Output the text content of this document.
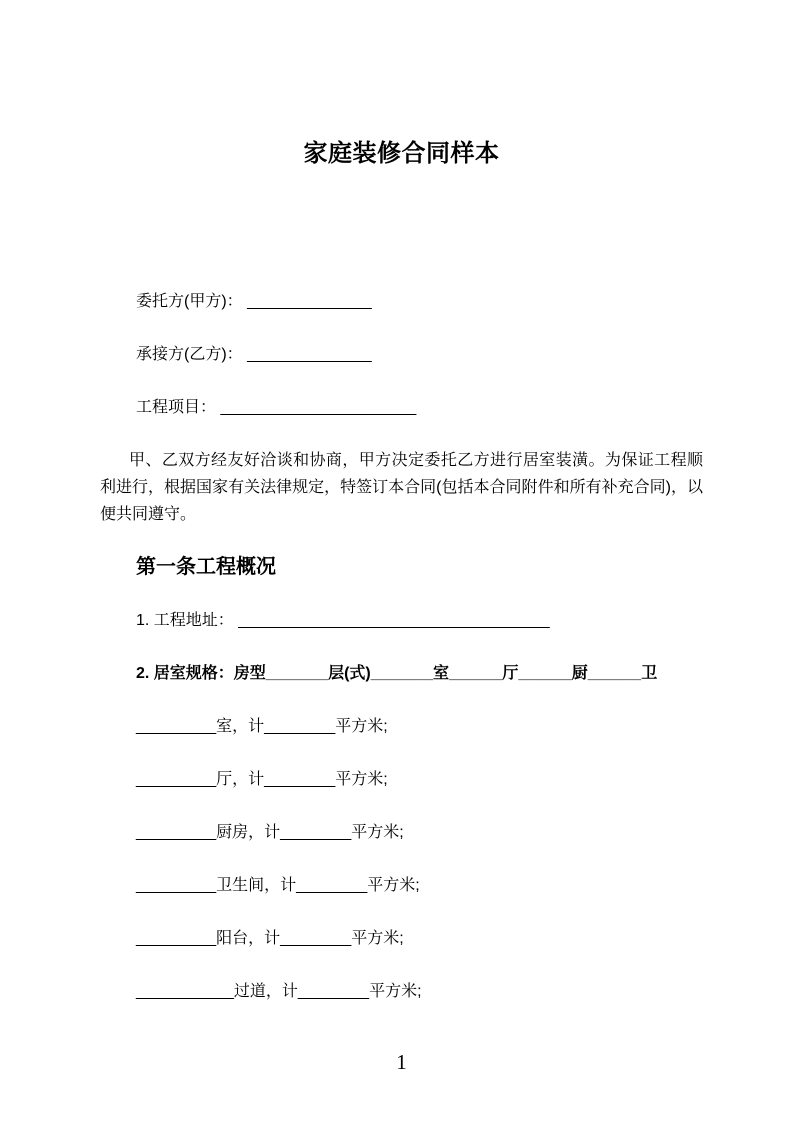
家庭装修合同样本

委托方(甲方)： ______________

承接方(乙方)： ______________

工程项目： ______________________

甲、乙双方经友好洽谈和协商，甲方决定委托乙方进行居室装潢。为保证工程顺利进行，根据国家有关法律规定，特签订本合同(包括本合同附件和所有补充合同)，以便共同遵守。

第一条工程概况

1. 工程地址： ___________________________________

2. 居室规格：房型_______层(式)_______室______厅______厨______卫

_________室，计________平方米;

_________厅，计________平方米;

_________厨房，计________平方米;

_________卫生间，计________平方米;

_________阳台，计________平方米;

___________过道，计________平方米;

1
